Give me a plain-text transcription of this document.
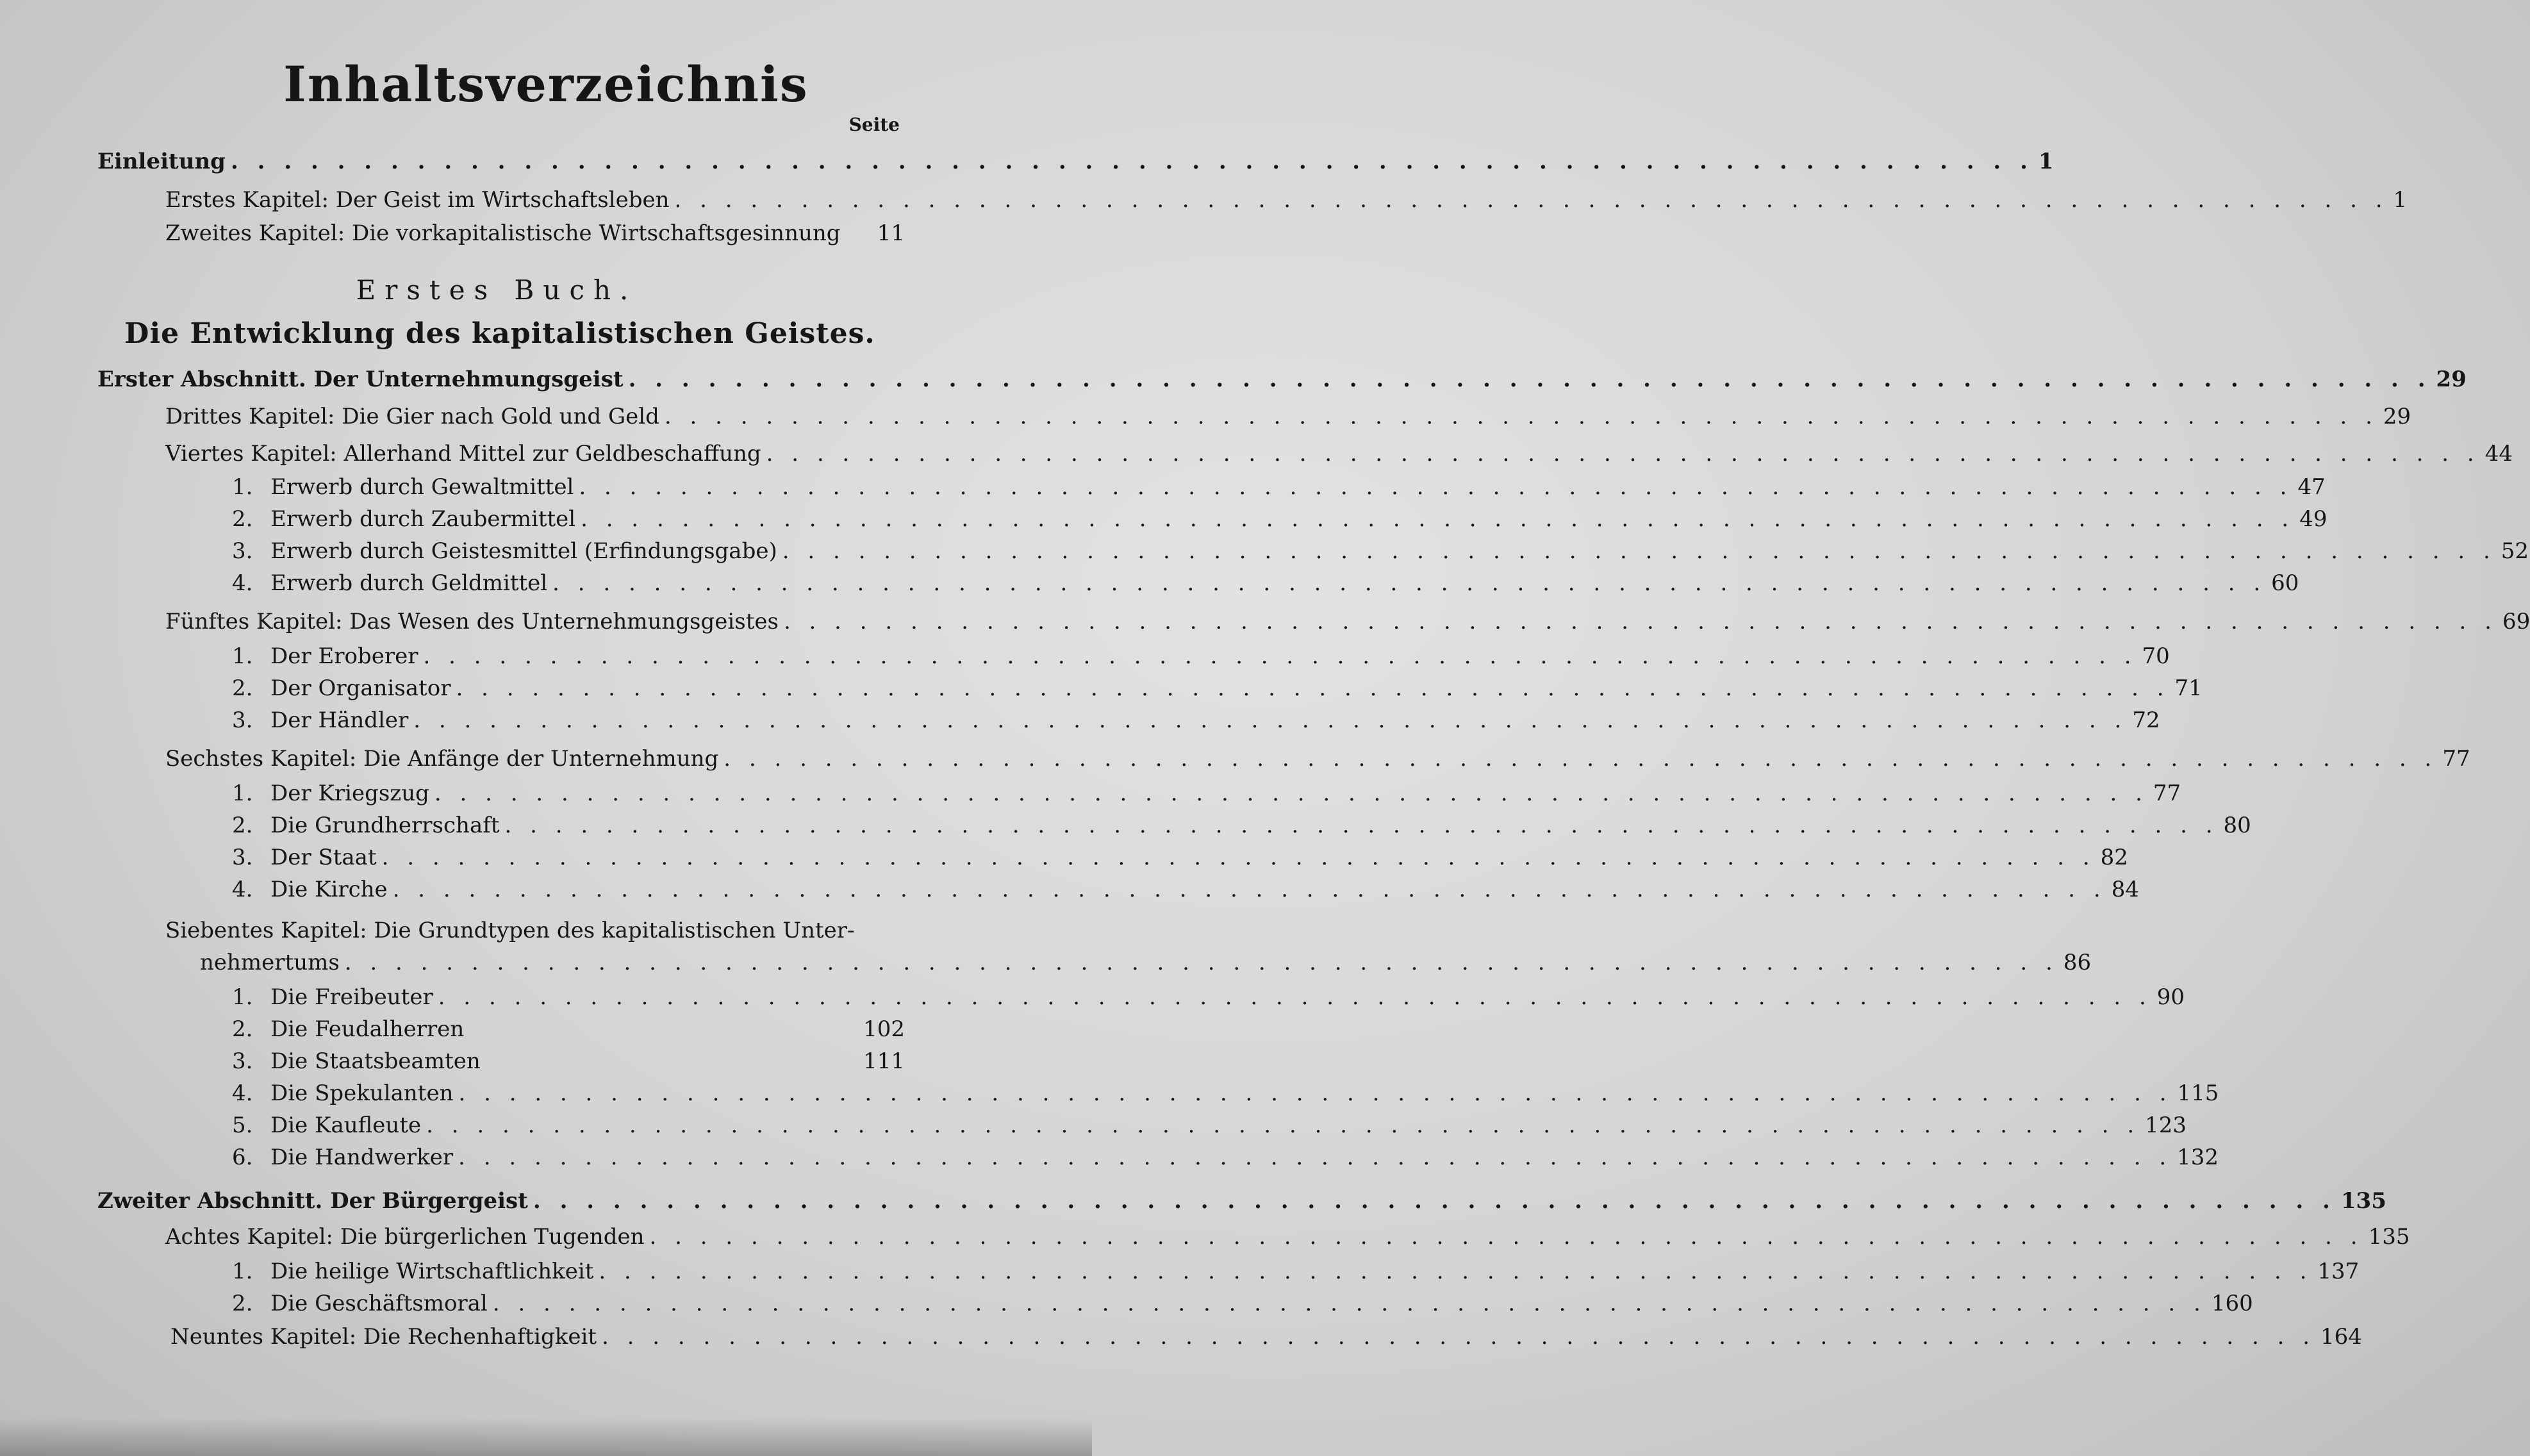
Inhaltsverzeichnis
Seite
Einleitung . . . . . . . . . . . . . . . . . . . . . . . . . . . . . . . . . . . . . . . . . . . . . . . . . . . . . . . . . . . . . . . . . . . . 1
Erstes Kapitel: Der Geist im Wirtschaftsleben . . . . . . . . . . . . . . . . . . . . . . . . . . . . . . . . . . . . . . . . . . . . . . . . . . . . . . . . . . . . . . . . . . . . 1
Zweites Kapitel: Die vorkapitalistische Wirtschaftsgesinnung	11
Erstes Buch.
Die Entwicklung des kapitalistischen Geistes.
Erster Abschnitt. Der Unternehmungsgeist . . . . . . . . . . . . . . . . . . . . . . . . . . . . . . . . . . . . . . . . . . . . . . . . . . . . . . . . . . . . . . . . . . . . 29
Drittes Kapitel: Die Gier nach Gold und Geld . . . . . . . . . . . . . . . . . . . . . . . . . . . . . . . . . . . . . . . . . . . . . . . . . . . . . . . . . . . . . . . . . . . . 29
Viertes Kapitel: Allerhand Mittel zur Geldbeschaffung . . . . . . . . . . . . . . . . . . . . . . . . . . . . . . . . . . . . . . . . . . . . . . . . . . . . . . . . . . . . . . . . . . . . 44
1. Erwerb durch Gewaltmittel . . . . . . . . . . . . . . . . . . . . . . . . . . . . . . . . . . . . . . . . . . . . . . . . . . . . . . . . . . . . . . . . . . . . 47
2. Erwerb durch Zaubermittel . . . . . . . . . . . . . . . . . . . . . . . . . . . . . . . . . . . . . . . . . . . . . . . . . . . . . . . . . . . . . . . . . . . . 49
3. Erwerb durch Geistesmittel (Erfindungsgabe) . . . . . . . . . . . . . . . . . . . . . . . . . . . . . . . . . . . . . . . . . . . . . . . . . . . . . . . . . . . . . . . . . . . . 52
4. Erwerb durch Geldmittel . . . . . . . . . . . . . . . . . . . . . . . . . . . . . . . . . . . . . . . . . . . . . . . . . . . . . . . . . . . . . . . . . . . . 60
Fünftes Kapitel: Das Wesen des Unternehmungsgeistes . . . . . . . . . . . . . . . . . . . . . . . . . . . . . . . . . . . . . . . . . . . . . . . . . . . . . . . . . . . . . . . . . . . . 69
1. Der Eroberer . . . . . . . . . . . . . . . . . . . . . . . . . . . . . . . . . . . . . . . . . . . . . . . . . . . . . . . . . . . . . . . . . . . . 70
2. Der Organisator . . . . . . . . . . . . . . . . . . . . . . . . . . . . . . . . . . . . . . . . . . . . . . . . . . . . . . . . . . . . . . . . . . . . 71
3. Der Händler . . . . . . . . . . . . . . . . . . . . . . . . . . . . . . . . . . . . . . . . . . . . . . . . . . . . . . . . . . . . . . . . . . . . 72
Sechstes Kapitel: Die Anfänge der Unternehmung . . . . . . . . . . . . . . . . . . . . . . . . . . . . . . . . . . . . . . . . . . . . . . . . . . . . . . . . . . . . . . . . . . . . 77
1. Der Kriegszug . . . . . . . . . . . . . . . . . . . . . . . . . . . . . . . . . . . . . . . . . . . . . . . . . . . . . . . . . . . . . . . . . . . . 77
2. Die Grundherrschaft . . . . . . . . . . . . . . . . . . . . . . . . . . . . . . . . . . . . . . . . . . . . . . . . . . . . . . . . . . . . . . . . . . . . 80
3. Der Staat . . . . . . . . . . . . . . . . . . . . . . . . . . . . . . . . . . . . . . . . . . . . . . . . . . . . . . . . . . . . . . . . . . . . 82
4. Die Kirche . . . . . . . . . . . . . . . . . . . . . . . . . . . . . . . . . . . . . . . . . . . . . . . . . . . . . . . . . . . . . . . . . . . . 84
Siebentes Kapitel: Die Grundtypen des kapitalistischen Unter-
nehmertums . . . . . . . . . . . . . . . . . . . . . . . . . . . . . . . . . . . . . . . . . . . . . . . . . . . . . . . . . . . . . . . . . . . . 86
1. Die Freibeuter . . . . . . . . . . . . . . . . . . . . . . . . . . . . . . . . . . . . . . . . . . . . . . . . . . . . . . . . . . . . . . . . . . . . 90
2. Die Feudalherren	102
3. Die Staatsbeamten	111
4. Die Spekulanten . . . . . . . . . . . . . . . . . . . . . . . . . . . . . . . . . . . . . . . . . . . . . . . . . . . . . . . . . . . . . . . . . . . . 115
5. Die Kaufleute . . . . . . . . . . . . . . . . . . . . . . . . . . . . . . . . . . . . . . . . . . . . . . . . . . . . . . . . . . . . . . . . . . . . 123
6. Die Handwerker . . . . . . . . . . . . . . . . . . . . . . . . . . . . . . . . . . . . . . . . . . . . . . . . . . . . . . . . . . . . . . . . . . . . 132
Zweiter Abschnitt. Der Bürgergeist . . . . . . . . . . . . . . . . . . . . . . . . . . . . . . . . . . . . . . . . . . . . . . . . . . . . . . . . . . . . . . . . . . . . 135
Achtes Kapitel: Die bürgerlichen Tugenden . . . . . . . . . . . . . . . . . . . . . . . . . . . . . . . . . . . . . . . . . . . . . . . . . . . . . . . . . . . . . . . . . . . . 135
1. Die heilige Wirtschaftlichkeit . . . . . . . . . . . . . . . . . . . . . . . . . . . . . . . . . . . . . . . . . . . . . . . . . . . . . . . . . . . . . . . . . . . . 137
2. Die Geschäftsmoral . . . . . . . . . . . . . . . . . . . . . . . . . . . . . . . . . . . . . . . . . . . . . . . . . . . . . . . . . . . . . . . . . . . . 160
Neuntes Kapitel: Die Rechenhaftigkeit . . . . . . . . . . . . . . . . . . . . . . . . . . . . . . . . . . . . . . . . . . . . . . . . . . . . . . . . . . . . . . . . . . . . 164
